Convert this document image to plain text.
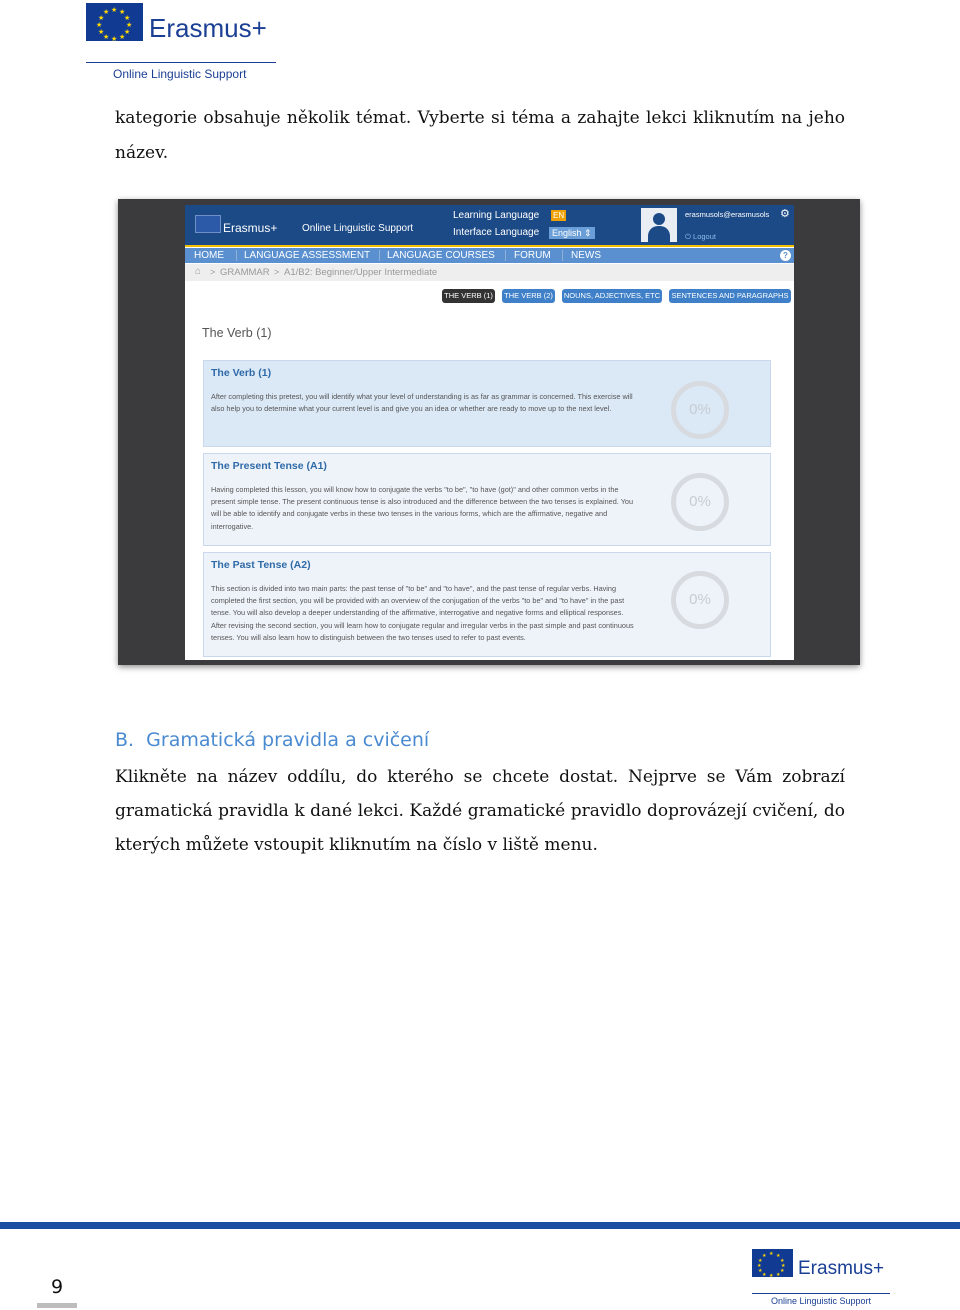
★ ★
★
★
★
★
★
★
★
★
★
★
Erasmus+
Online Linguistic Support
kategorie obsahuje několik témat. Vyberte si téma a zahajte lekci kliknutím na jeho
název.
Erasmus+ Online Linguistic Support
Learning Language EN
Interface Language	English ⇕
erasmusols@erasmusols ⚙
⏻ Logout
HOME LANGUAGE ASSESSMENT LANGUAGE COURSES FORUM NEWS	?
⌂ > GRAMMAR > A1/B2: Beginner/Upper Intermediate
THE VERB (1) THE VERB (2) NOUNS, ADJECTIVES, ETC	SENTENCES AND PARAGRAPHS
The Verb (1)
The Verb (1)
After completing this pretest, you will identify what your level of understanding is as far as grammar is concerned. This exercise will
also help you to determine what your current level is and give you an idea or whether are ready to move up to the next level.	0%
The Present Tense (A1)
Having completed this lesson, you will know how to conjugate the verbs "to be", "to have (got)" and other common verbs in the
present simple tense. The present continuous tense is also introduced and the difference between the two tenses is explained. You
will be able to identify and conjugate verbs in these two tenses in the various forms, which are the affirmative, negative and
interrogative.
0%
The Past Tense (A2)
This section is divided into two main parts: the past tense of "to be" and "to have", and the past tense of regular verbs. Having
completed the first section, you will be provided with an overview of the conjugation of the verbs "to be" and "to have" in the past
tense. You will also develop a deeper understanding of the affirmative, interrogative and negative forms and elliptical responses.
After revising the second section, you will learn how to conjugate regular and irregular verbs in the past simple and past continuous
tenses. You will also learn how to distinguish between the two tenses used to refer to past events.
0%
B.  Gramatická pravidla a cvičení
Klikněte na název oddílu, do kterého se chcete dostat. Nejprve se Vám zobrazí
gramatická pravidla k dané lekci. Každé gramatické pravidlo doprovázejí cvičení, do
kterých můžete vstoupit kliknutím na číslo v liště menu.
9
★ ★
★
★
★
★
★
★
★
★
★
★
Erasmus+
Online Linguistic Support
